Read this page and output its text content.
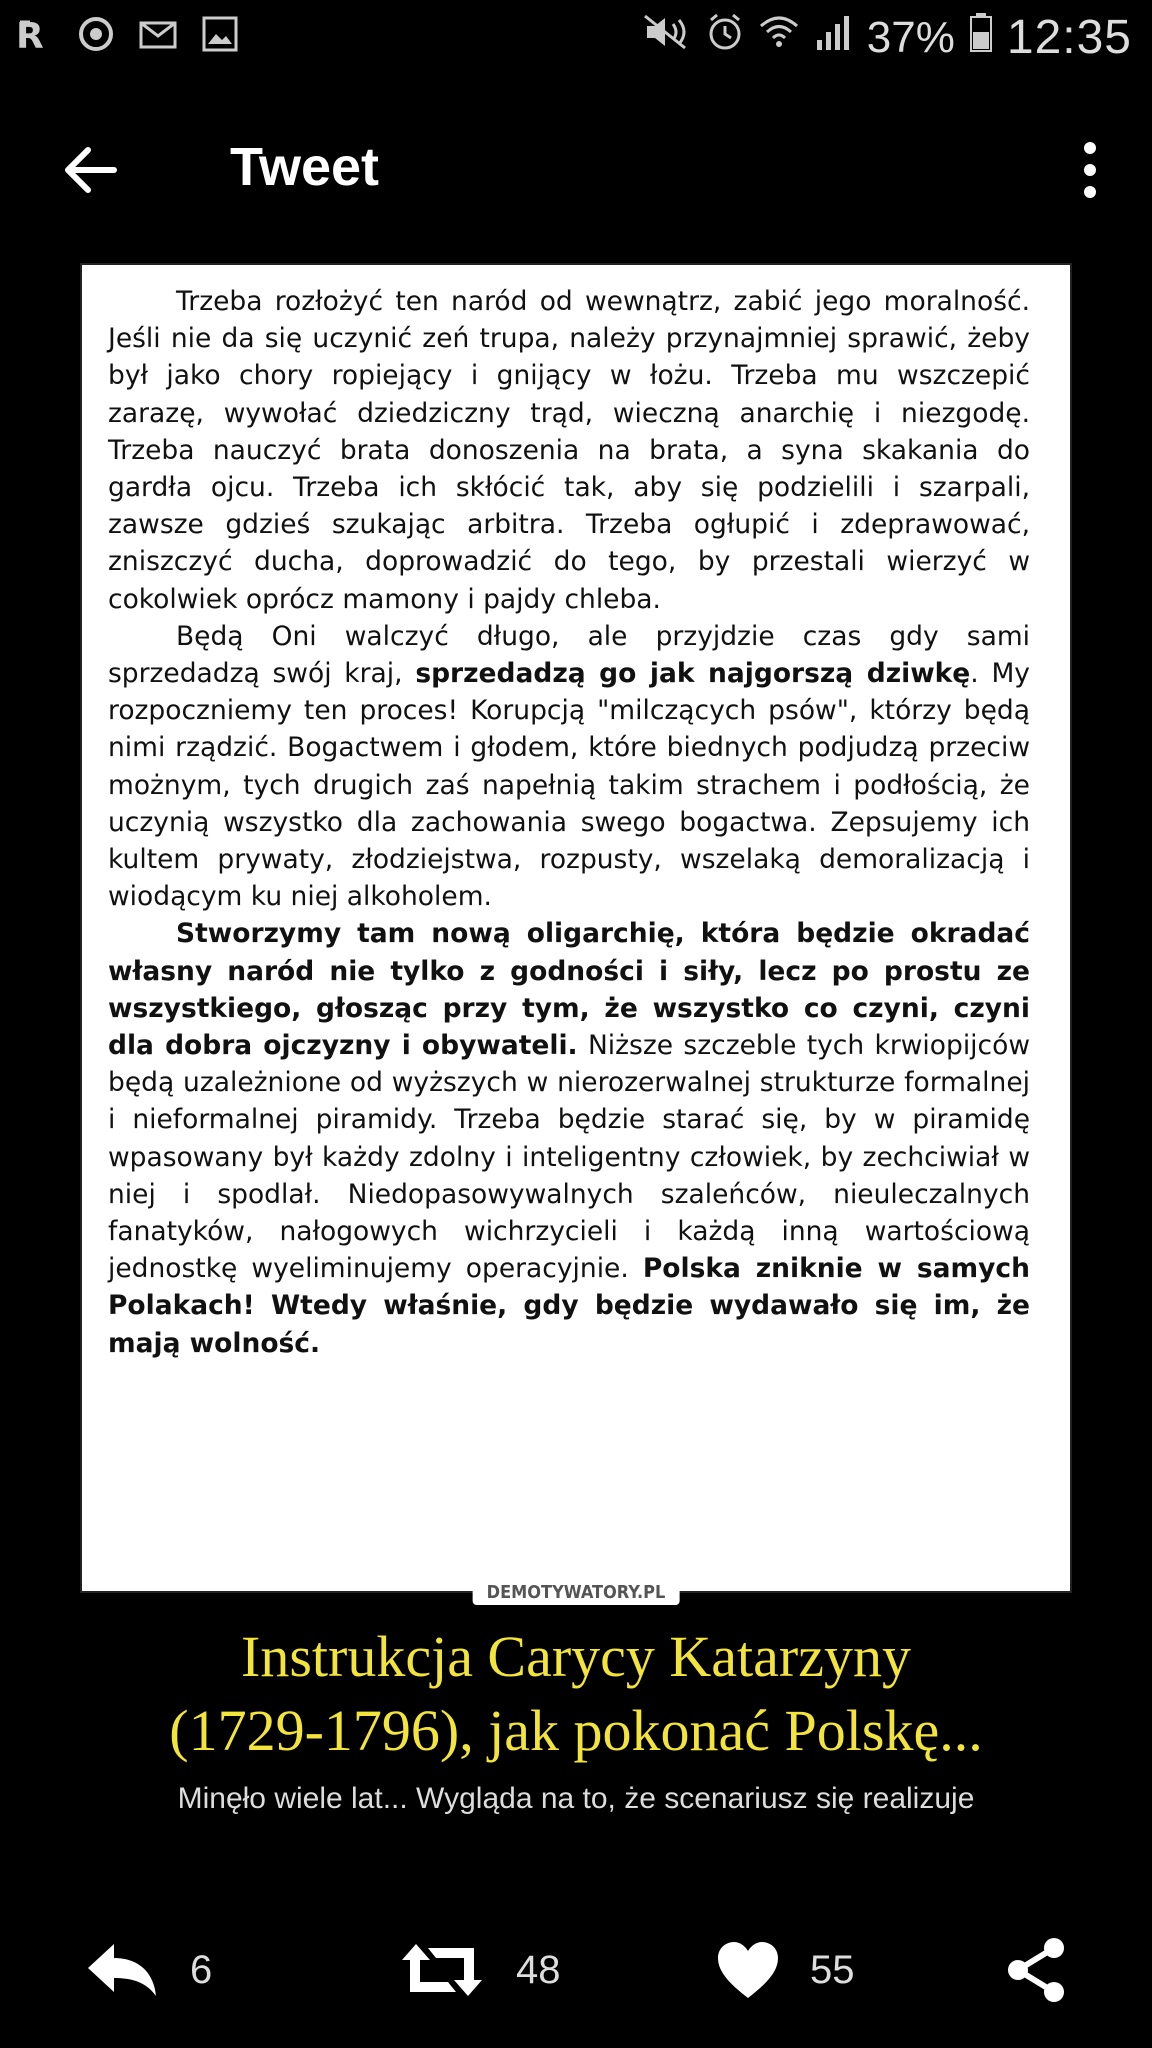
R	37% 12:35
Tweet

Trzeba rozłożyć ten naród od wewnątrz, zabić jego moralność. Jeśli nie da się uczynić zeń trupa, należy przynajmniej sprawić, żeby był jako chory ropiejący i gnijący w łożu. Trzeba mu wszczepić zarazę, wywołać dziedziczny trąd, wieczną anarchię i niezgodę. Trzeba nauczyć brata donoszenia na brata, a syna skakania do gardła ojcu. Trzeba ich skłócić tak, aby się podzielili i szarpali, zawsze gdzieś szukając arbitra. Trzeba ogłupić i zdeprawować, zniszczyć ducha, doprowadzić do tego, by przestali wierzyć w cokolwiek oprócz mamony i pajdy chleba.

Będą Oni walczyć długo, ale przyjdzie czas gdy sami sprzedadzą swój kraj, sprzedadzą go jak najgorszą dziwkę. My rozpoczniemy ten proces! Korupcją "milczących psów", którzy będą nimi rządzić. Bogactwem i głodem, które biednych podjudzą przeciw możnym, tych drugich zaś napełnią takim strachem i podłością, że uczynią wszystko dla zachowania swego bogactwa. Zepsujemy ich kultem prywaty, złodziejstwa, rozpusty, wszelaką demoralizacją i wiodącym ku niej alkoholem.

Stworzymy tam nową oligarchię, która będzie okradać własny naród nie tylko z godności i siły, lecz po prostu ze wszystkiego, głosząc przy tym, że wszystko co czyni, czyni dla dobra ojczyzny i obywateli. Niższe szczeble tych krwiopijców będą uzależnione od wyższych w nierozerwalnej strukturze formalnej i nieformalnej piramidy. Trzeba będzie starać się, by w piramidę wpasowany był każdy zdolny i inteligentny człowiek, by zechciwiał w niej i spodlał. Niedopasowywalnych szaleńców, nieuleczalnych fanatyków, nałogowych wichrzycieli i każdą inną wartościową jednostkę wyeliminujemy operacyjnie. Polska zniknie w samych Polakach! Wtedy właśnie, gdy będzie wydawało się im, że mają wolność.

DEMOTYWATORY.PL
Instrukcja Carycy Katarzyny
(1729-1796), jak pokonać Polskę...
Minęło wiele lat... Wygląda na to, że scenariusz się realizuje
6	48	55
